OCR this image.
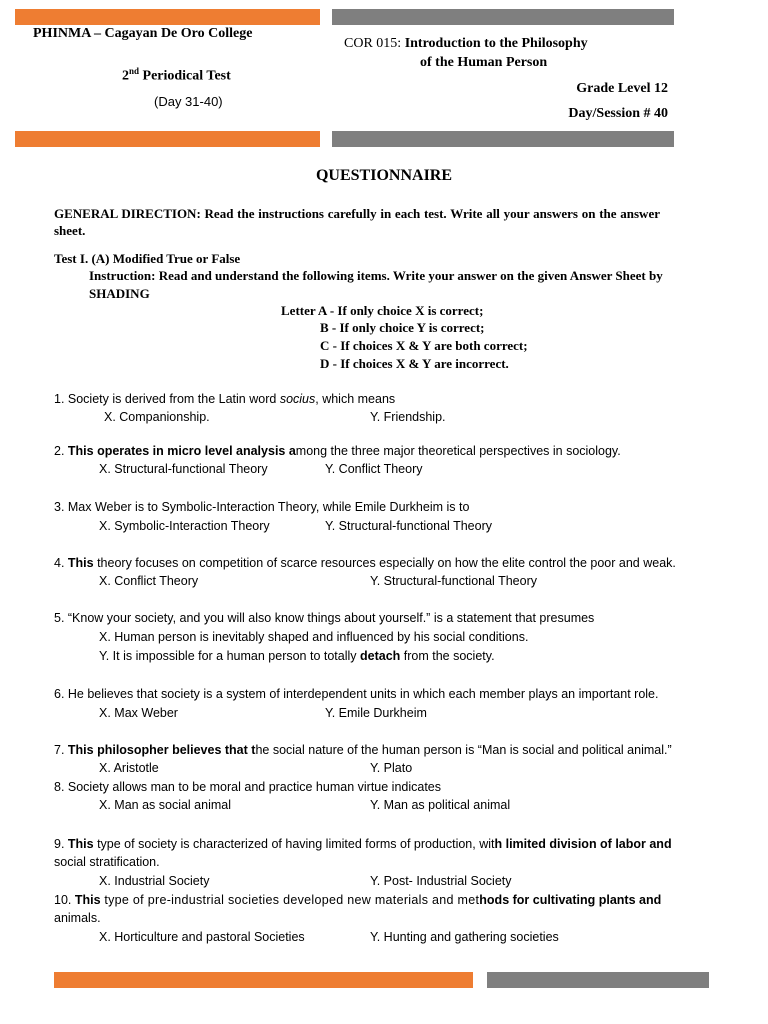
PHINMA – Cagayan De Oro College
2nd Periodical Test
(Day 31-40)
COR 015: Introduction to the Philosophy
of the Human Person
Grade Level 12
Day/Session # 40
QUESTIONNAIRE
GENERAL DIRECTION: Read the instructions carefully in each test. Write all your answers on the answer
sheet.
Test I. (A) Modified True or False
Instruction: Read and understand the following items. Write your answer on the given Answer Sheet by
SHADING
Letter A - If only choice X is correct;
B - If only choice Y is correct;
C - If choices X & Y are both correct;
D - If choices X & Y are incorrect.
1. Society is derived from the Latin word socius, which means
X. Companionship.	Y. Friendship.
2. This operates in micro level analysis among the three major theoretical perspectives in sociology.
X. Structural-functional Theory	Y. Conflict Theory
3. Max Weber is to Symbolic-Interaction Theory, while Emile Durkheim is to
X. Symbolic-Interaction Theory	Y. Structural-functional Theory
4. This theory focuses on competition of scarce resources especially on how the elite control the poor and weak.
X. Conflict Theory	Y. Structural-functional Theory
5. “Know your society, and you will also know things about yourself.” is a statement that presumes
X. Human person is inevitably shaped and influenced by his social conditions.
Y. It is impossible for a human person to totally detach from the society.
6. He believes that society is a system of interdependent units in which each member plays an important role.
X. Max Weber	Y. Emile Durkheim
7. This philosopher believes that the social nature of the human person is “Man is social and political animal.”
X. Aristotle	Y. Plato
8. Society allows man to be moral and practice human virtue indicates
X. Man as social animal	Y. Man as political animal
9. This type of society is characterized of having limited forms of production, with limited division of labor and
social stratification.
X. Industrial Society	Y. Post- Industrial Society
10. This type of pre-industrial societies developed new materials and methods for cultivating plants and
animals.
X. Horticulture and pastoral Societies	Y. Hunting and gathering societies
